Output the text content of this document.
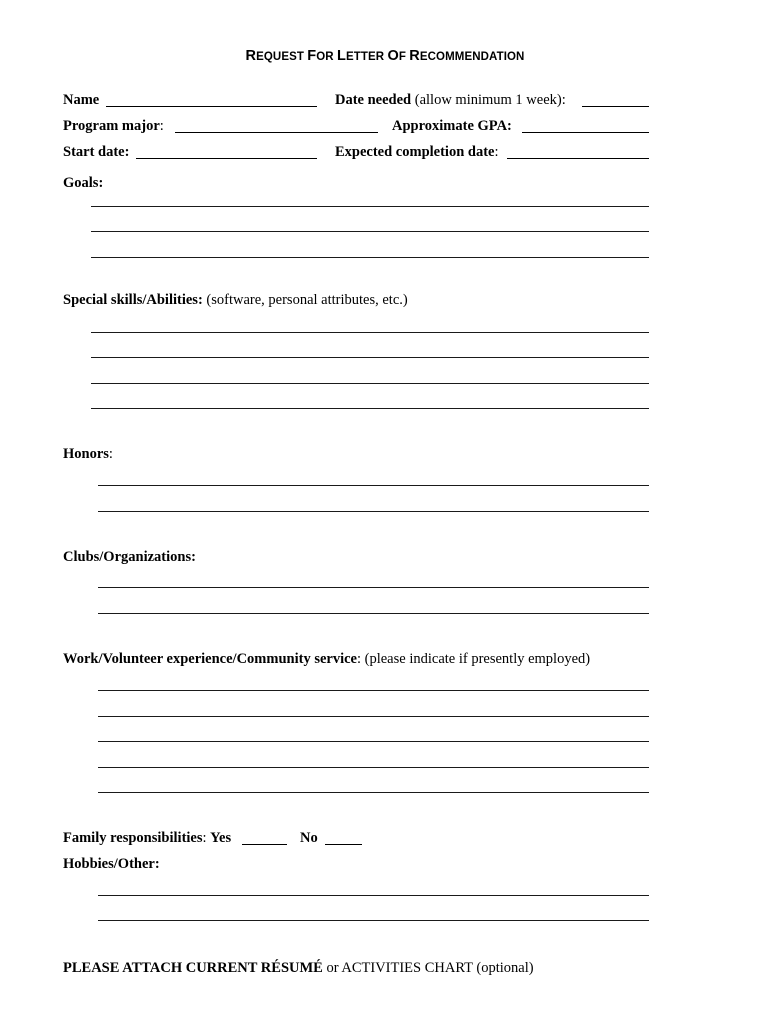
REQUEST FOR LETTER OF RECOMMENDATION
Name	Date needed (allow minimum 1 week):
Program major:	Approximate GPA:
Start date:	Expected completion date:
Goals:
Special skills/Abilities: (software, personal attributes, etc.)
Honors:
Clubs/Organizations:
Work/Volunteer experience/Community service: (please indicate if presently employed)
Family responsibilities: Yes	No
Hobbies/Other:
PLEASE ATTACH CURRENT RÉSUMÉ or ACTIVITIES CHART (optional)
